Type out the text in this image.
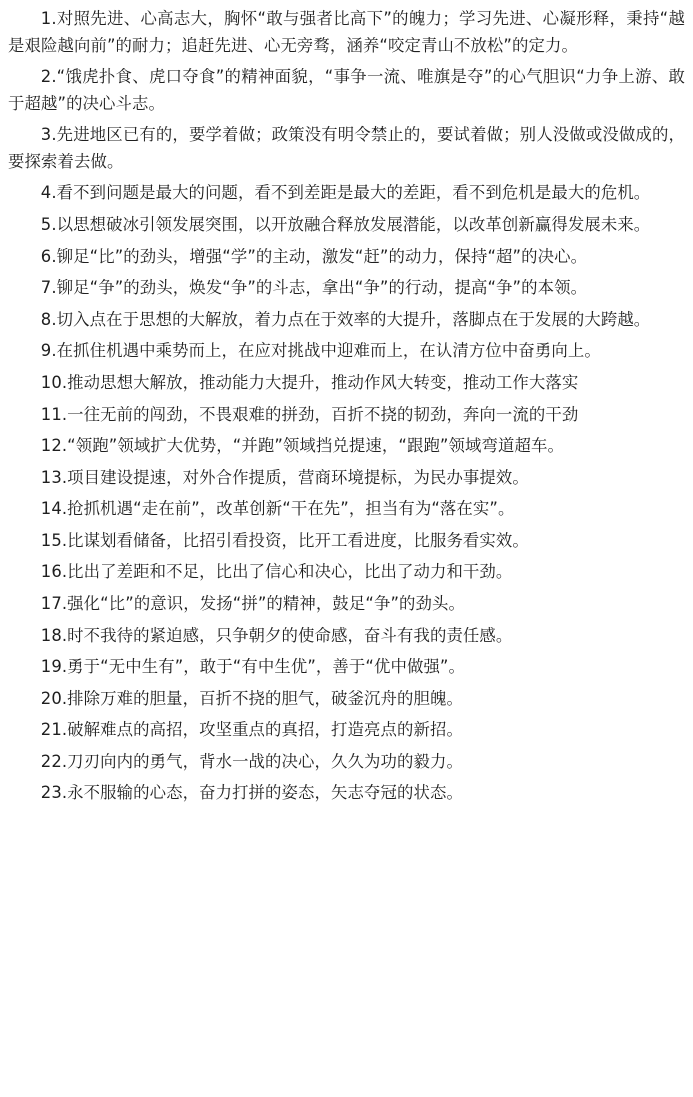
1.对照先进、心高志大，胸怀“敢与强者比高下”的魄力；学习先进、心凝形释，秉持“越是艰险越向前”的耐力；追赶先进、心无旁骛，涵养“咬定青山不放松”的定力。

2.“饿虎扑食、虎口夺食”的精神面貌，“事争一流、唯旗是夺”的心气胆识“力争上游、敢于超越”的决心斗志。

3.先进地区已有的，要学着做；政策没有明令禁止的，要试着做；别人没做或没做成的，要探索着去做。

4.看不到问题是最大的问题，看不到差距是最大的差距，看不到危机是最大的危机。

5.以思想破冰引领发展突围，以开放融合释放发展潜能，以改革创新赢得发展未来。

6.铆足“比”的劲头，增强“学”的主动，激发“赶”的动力，保持“超”的决心。

7.铆足“争”的劲头，焕发“争”的斗志，拿出“争”的行动，提高“争”的本领。

8.切入点在于思想的大解放，着力点在于效率的大提升，落脚点在于发展的大跨越。

9.在抓住机遇中乘势而上，在应对挑战中迎难而上，在认清方位中奋勇向上。

10.推动思想大解放，推动能力大提升，推动作风大转变，推动工作大落实

11.一往无前的闯劲，不畏艰难的拼劲，百折不挠的韧劲，奔向一流的干劲

12.“领跑”领域扩大优势，“并跑”领域挡兑提速，“跟跑”领域弯道超车。

13.项目建设提速，对外合作提质，营商环境提标，为民办事提效。

14.抢抓机遇“走在前”，改革创新“干在先”，担当有为“落在实”。

15.比谋划看储备，比招引看投资，比开工看进度，比服务看实效。

16.比出了差距和不足，比出了信心和决心，比出了动力和干劲。

17.强化“比”的意识，发扬“拼”的精神，鼓足“争”的劲头。

18.时不我待的紧迫感，只争朝夕的使命感，奋斗有我的责任感。

19.勇于“无中生有”，敢于“有中生优”，善于“优中做强”。

20.排除万难的胆量，百折不挠的胆气，破釜沉舟的胆魄。

21.破解难点的高招，攻坚重点的真招，打造亮点的新招。

22.刀刃向内的勇气，背水一战的决心，久久为功的毅力。

23.永不服输的心态，奋力打拼的姿态，矢志夺冠的状态。
